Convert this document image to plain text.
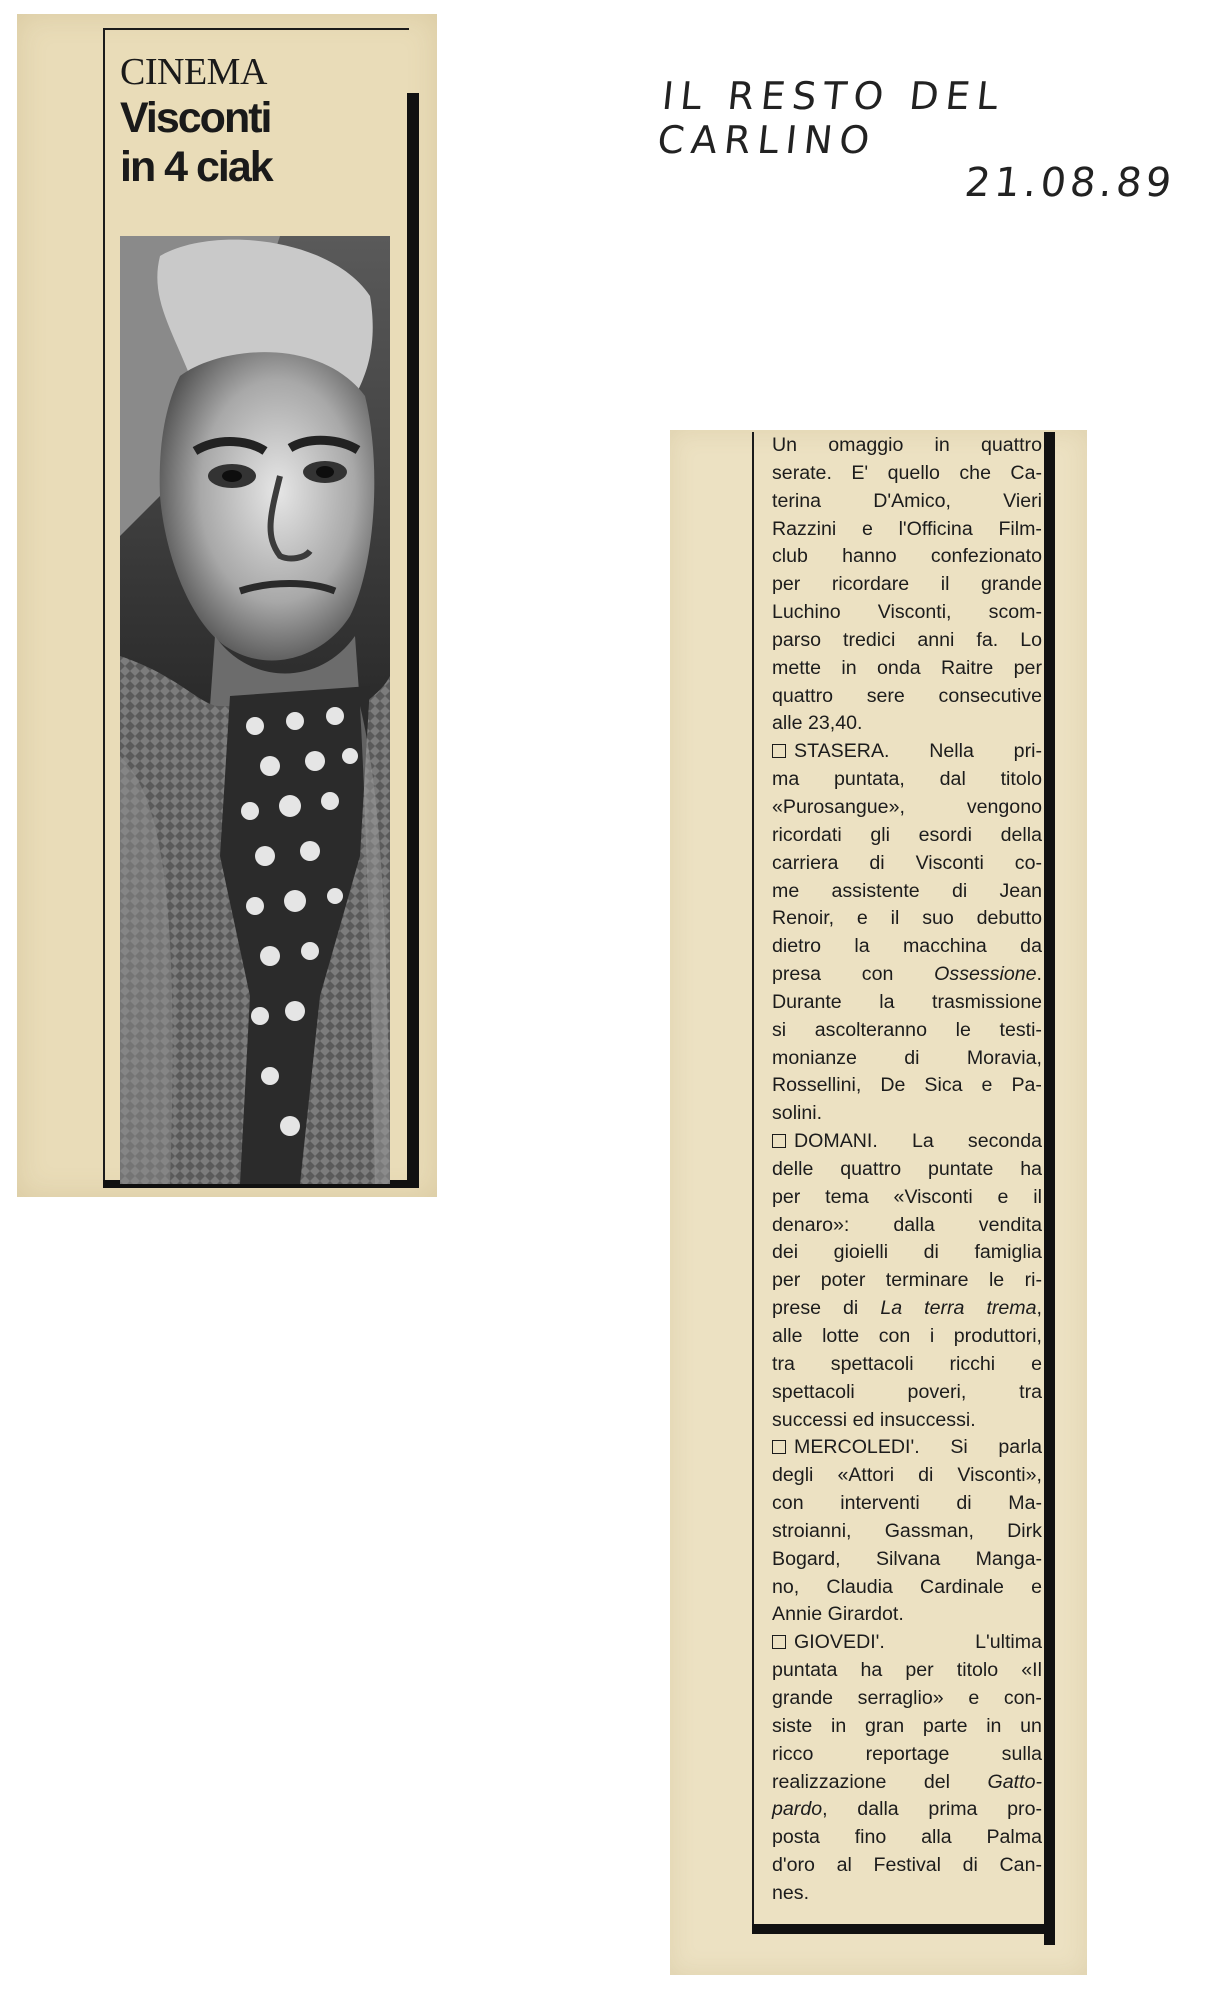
CINEMA
Visconti
in 4 ciak
IL RESTO DEL CARLINO
21.08.89
Un omaggio in quattro
serate. E' quello che Ca-
terina	D'Amico,	Vieri
Razzini e l'Officina Film-
club hanno confezionato
per ricordare il grande
Luchino Visconti, scom-
parso tredici anni fa. Lo
mette in onda Raitre per
quattro sere consecutive
alle
23,40.
STASERA. Nella pri-
ma puntata, dal titolo
«Purosangue»,	vengono
ricordati gli esordi della
carriera di Visconti co-
me assistente di Jean
Renoir, e il suo debutto
dietro la macchina da
presa con Ossessione.
Durante la trasmissione
si ascolteranno le testi-
monianze di Moravia,
Rossellini, De Sica e Pa-
solini.
DOMANI. La seconda
delle quattro puntate ha
per tema «Visconti e il
denaro»: dalla vendita
dei gioielli di famiglia
per poter terminare le ri-
prese di La terra trema,
alle lotte con i produttori,
tra spettacoli ricchi e
spettacoli	poveri,	tra
successi
ed
insuccessi.
MERCOLEDI'. Si parla
degli «Attori di Visconti»,
con interventi di Ma-
stroianni, Gassman, Dirk
Bogard, Silvana Manga-
no, Claudia Cardinale e
Annie
Girardot.
GIOVEDI'.	L'ultima
puntata ha per titolo «Il
grande serraglio» e con-
siste in gran parte in un
ricco	reportage	sulla
realizzazione del Gatto-
pardo, dalla prima pro-
posta fino alla Palma
d'oro al Festival di Can-
nes.
